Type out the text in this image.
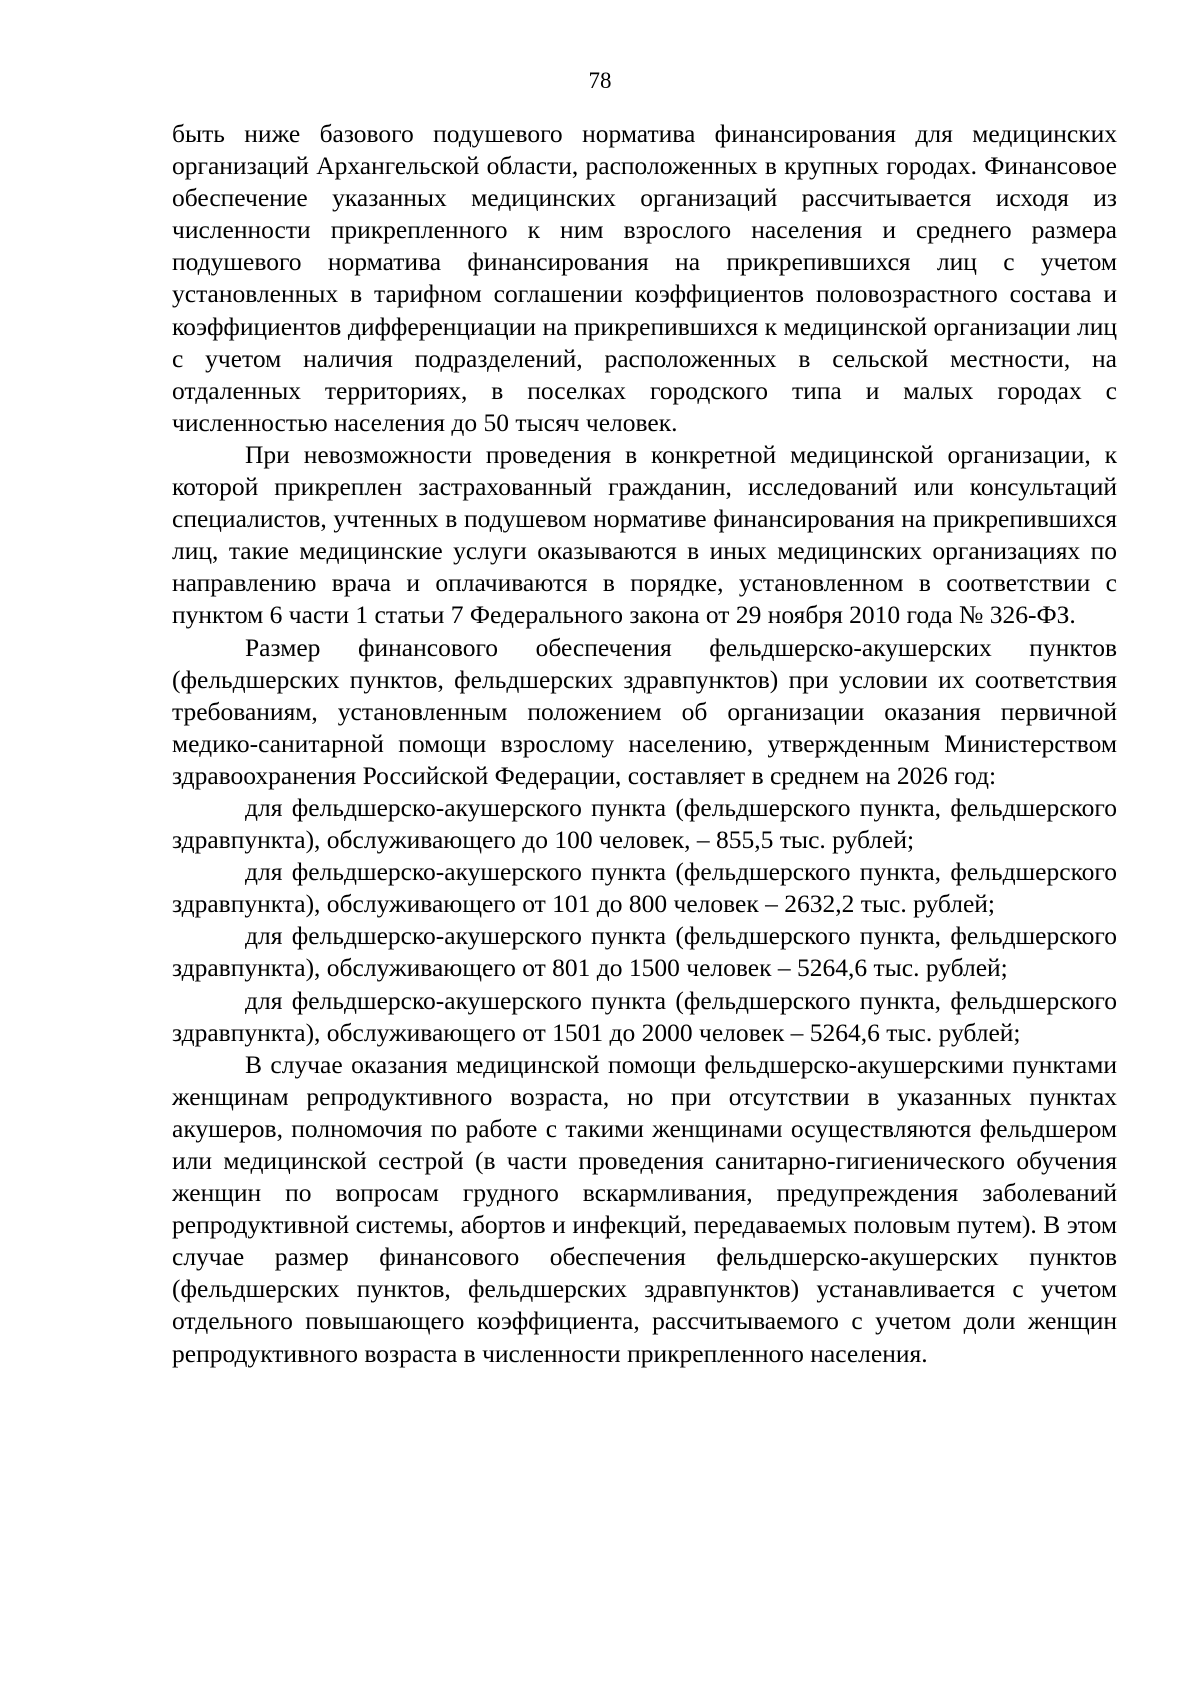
78

быть ниже базового подушевого норматива финансирования для медицинских организаций Архангельской области, расположенных в крупных городах. Финансовое обеспечение указанных медицинских организаций рассчитывается исходя из численности прикрепленного к ним взрослого населения и среднего размера подушевого норматива финансирования на прикрепившихся лиц с учетом установленных в тарифном соглашении коэффициентов половозрастного состава и коэффициентов дифференциации на прикрепившихся к медицинской организации лиц с учетом наличия подразделений, расположенных в сельской местности, на отдаленных территориях, в поселках городского типа и малых городах с численностью населения до 50 тысяч человек.

При невозможности проведения в конкретной медицинской организации, к которой прикреплен застрахованный гражданин, исследований или консультаций специалистов, учтенных в подушевом нормативе финансирования на прикрепившихся лиц, такие медицинские услуги оказываются в иных медицинских организациях по направлению врача и оплачиваются в порядке, установленном в соответствии с пунктом 6 части 1 статьи 7 Федерального закона от 29 ноября 2010 года № 326-ФЗ.

Размер финансового обеспечения фельдшерско-акушерских пунктов (фельдшерских пунктов, фельдшерских здравпунктов) при условии их соответствия требованиям, установленным положением об организации оказания первичной медико-санитарной помощи взрослому населению, утвержденным Министерством здравоохранения Российской Федерации, составляет в среднем на 2026 год:

для фельдшерско-акушерского пункта (фельдшерского пункта, фельдшерского здравпункта), обслуживающего до 100 человек, – 855,5 тыс. рублей;

для фельдшерско-акушерского пункта (фельдшерского пункта, фельдшерского здравпункта), обслуживающего от 101 до 800 человек – 2632,2 тыс. рублей;

для фельдшерско-акушерского пункта (фельдшерского пункта, фельдшерского здравпункта), обслуживающего от 801 до 1500 человек – 5264,6 тыс. рублей;

для фельдшерско-акушерского пункта (фельдшерского пункта, фельдшерского здравпункта), обслуживающего от 1501 до 2000 человек – 5264,6 тыс. рублей;

В случае оказания медицинской помощи фельдшерско-акушерскими пунктами женщинам репродуктивного возраста, но при отсутствии в указанных пунктах акушеров, полномочия по работе с такими женщинами осуществляются фельдшером или медицинской сестрой (в части проведения санитарно-гигиенического обучения женщин по вопросам грудного вскармливания, предупреждения заболеваний репродуктивной системы, абортов и инфекций, передаваемых половым путем). В этом случае размер финансового обеспечения фельдшерско-акушерских пунктов (фельдшерских пунктов, фельдшерских здравпунктов) устанавливается с учетом отдельного повышающего коэффициента, рассчитываемого с учетом доли женщин репродуктивного возраста в численности прикрепленного населения.
